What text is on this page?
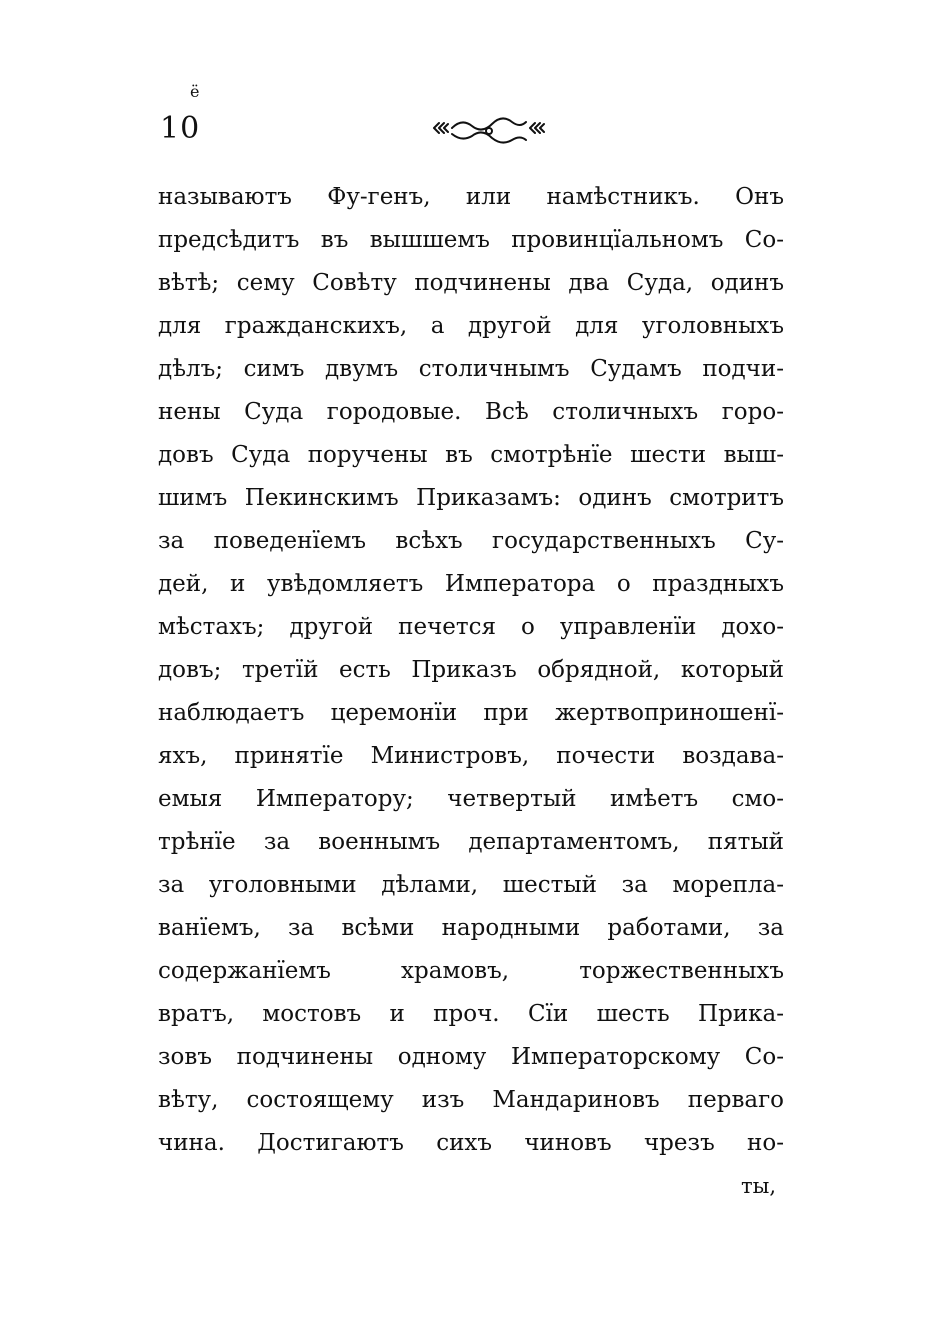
ё
10
называютъ Фу-генъ, или намѣстникъ. Онъ
предсѣдитъ въ вышшемъ провинцїальномъ Со-
вѣтѣ; сему Совѣту подчинены два Суда, одинъ
для гражданскихъ, а другой для уголовныхъ
дѣлъ; симъ двумъ столичнымъ Судамъ подчи-
нены Суда городовые. Всѣ столичныхъ горо-
довъ Суда поручены въ смотрѣнїе шести выш-
шимъ Пекинскимъ Приказамъ: одинъ смотритъ
за поведенїемъ всѣхъ государственныхъ Су-
дей, и увѣдомляетъ Императора о праздныхъ
мѣстахъ; другой печется о управленїи дохо-
довъ; третїй есть Приказъ обрядной, который
наблюдаетъ церемонїи при жертвоприношенї-
яхъ, принятїе Министровъ, почести воздава-
емыя Императору; четвертый имѣетъ смо-
трѣнїе за военнымъ департаментомъ, пятый
за уголовными дѣлами, шестый за морепла-
ванїемъ, за всѣми народными работами, за
содержанїемъ храмовъ, торжественныхъ
вратъ, мостовъ и проч. Сїи шесть Прика-
зовъ подчинены одному Императорскому Со-
вѣту, состоящему изъ Мандариновъ перваго
чина. Достигаютъ сихъ чиновъ чрезъ но-
ты,
